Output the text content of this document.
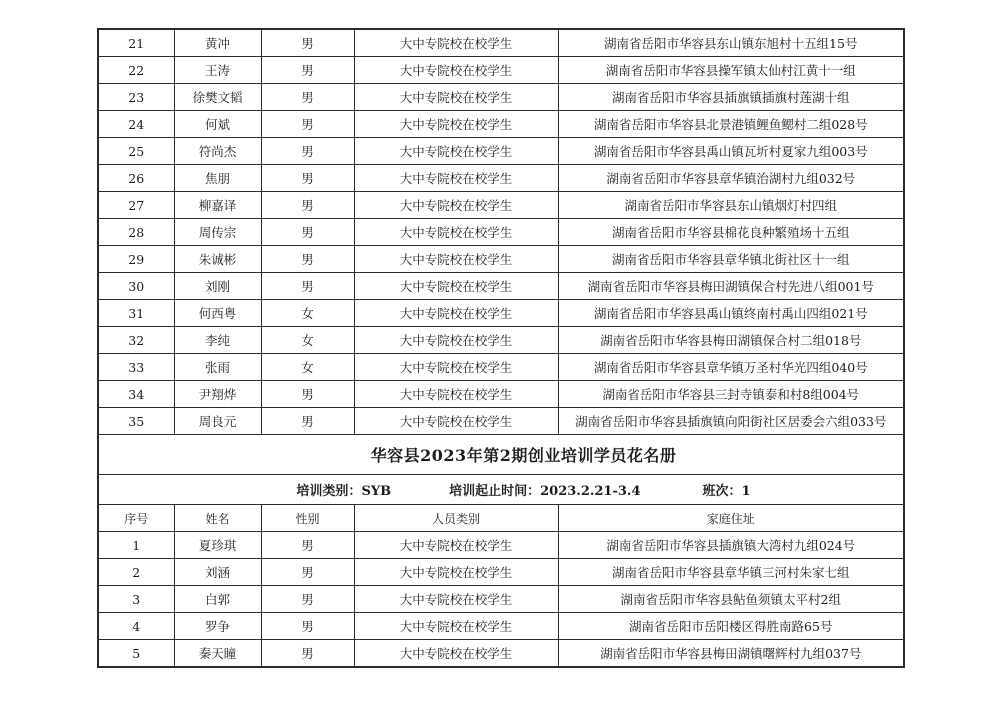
21	黄冲	男	大中专院校在校学生	湖南省岳阳市华容县东山镇东旭村十五组15号
22	王涛	男	大中专院校在校学生	湖南省岳阳市华容县操军镇太仙村江黄十一组
23	徐樊文韬	男	大中专院校在校学生	湖南省岳阳市华容县插旗镇插旗村莲湖十组
24	何斌	男	大中专院校在校学生	湖南省岳阳市华容县北景港镇鲤鱼鳃村二组028号
25	符尚杰	男	大中专院校在校学生	湖南省岳阳市华容县禹山镇瓦圻村夏家九组003号
26	焦朋	男	大中专院校在校学生	湖南省岳阳市华容县章华镇治湖村九组032号
27	柳嘉译	男	大中专院校在校学生	湖南省岳阳市华容县东山镇烟灯村四组
28	周传宗	男	大中专院校在校学生	湖南省岳阳市华容县棉花良种繁殖场十五组
29	朱诚彬	男	大中专院校在校学生	湖南省岳阳市华容县章华镇北街社区十一组
30	刘刚	男	大中专院校在校学生	湖南省岳阳市华容县梅田湖镇保合村先进八组001号
31	何西粤	女	大中专院校在校学生	湖南省岳阳市华容县禹山镇终南村禹山四组021号
32	李纯	女	大中专院校在校学生	湖南省岳阳市华容县梅田湖镇保合村二组018号
33	张雨	女	大中专院校在校学生	湖南省岳阳市华容县章华镇万圣村华光四组040号
34	尹翔烨	男	大中专院校在校学生	湖南省岳阳市华容县三封寺镇泰和村8组004号
35	周良元	男	大中专院校在校学生	湖南省岳阳市华容县插旗镇向阳街社区居委会六组033号
华容县2023年第2期创业培训学员花名册				

培训类别：SYB 培训起止时间：2023.2.21-3.4 班次：1				

序号	姓名	性别	人员类别	家庭住址
1	夏珍琪	男	大中专院校在校学生	湖南省岳阳市华容县插旗镇大湾村九组024号
2	刘涵	男	大中专院校在校学生	湖南省岳阳市华容县章华镇三河村朱家七组
3	白郭	男	大中专院校在校学生	湖南省岳阳市华容县鲇鱼须镇太平村2组
4	罗争	男	大中专院校在校学生	湖南省岳阳市岳阳楼区得胜南路65号
5	秦天瞳	男	大中专院校在校学生	湖南省岳阳市华容县梅田湖镇曙辉村九组037号
